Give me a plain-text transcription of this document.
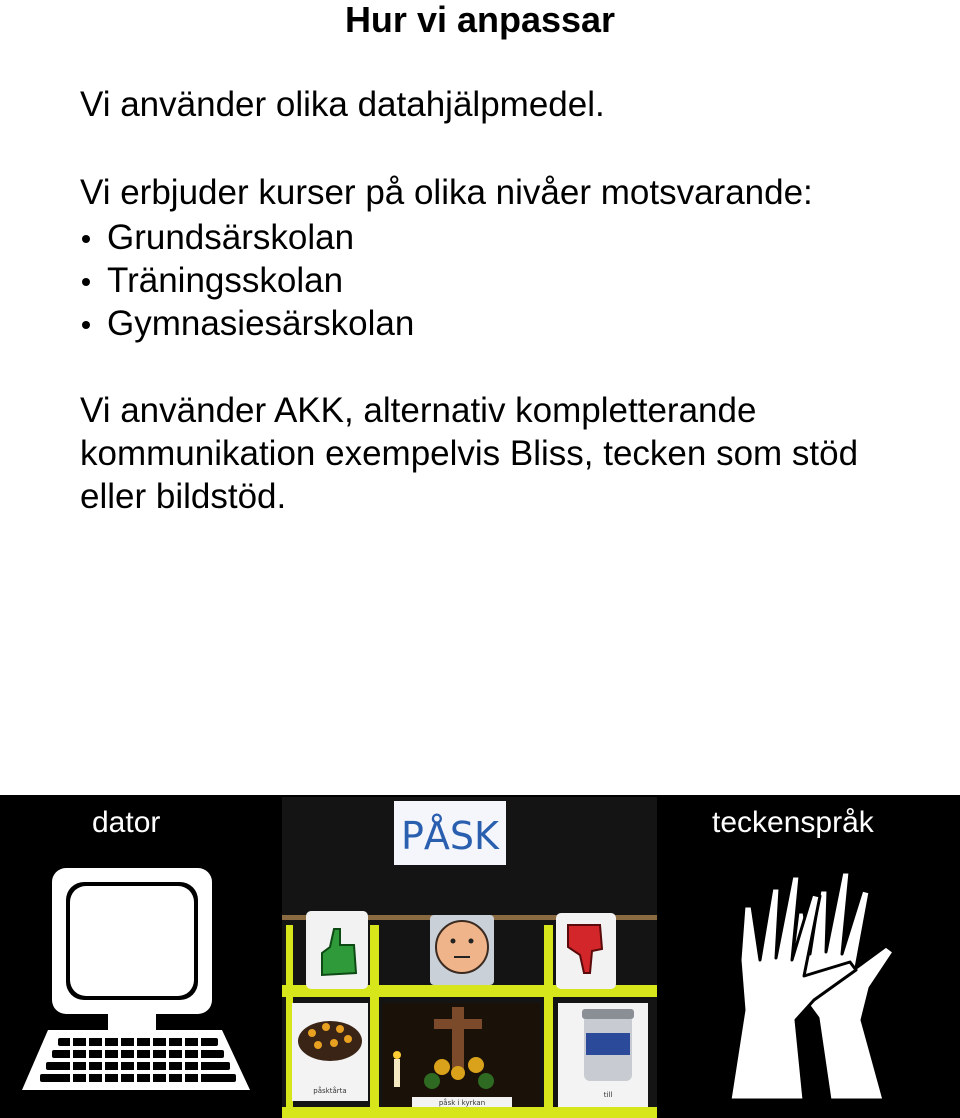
Hur vi anpassar
Vi använder olika datahjälpmedel.
Vi erbjuder kurser på olika nivåer motsvarande:
Grundsärskolan
Träningsskolan
Gymnasiesärskolan
Vi använder AKK, alternativ kompletterande kommunikation exempelvis Bliss, tecken som stöd eller bildstöd.
dator	teckenspråk
PÅSK
påsktårta
påsk i kyrkan
till
